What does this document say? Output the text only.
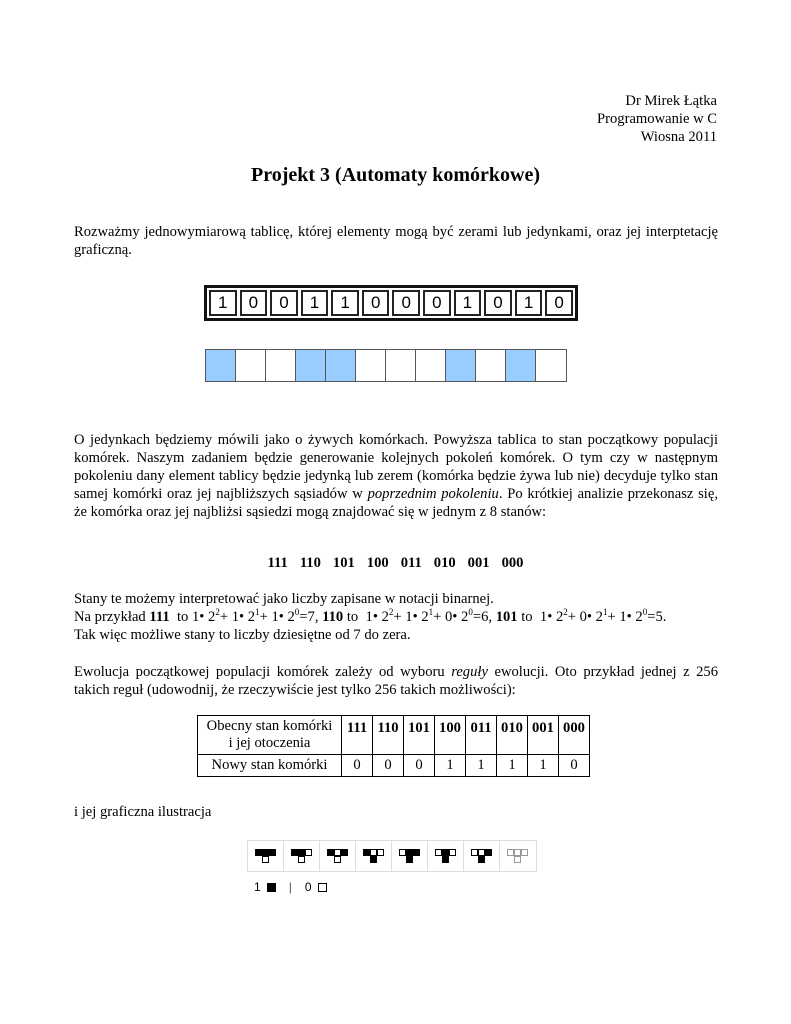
Dr Mirek Łątka
Programowanie w C
Wiosna 2011
Projekt 3 (Automaty komórkowe)

Rozważmy jednowymiarową tablicę, której elementy mogą być zerami lub jedynkami, oraz jej interptetację graficzną.

1	0	0	1	1	0	0	0	1	0	1	0

O jedynkach będziemy mówili jako o żywych komórkach. Powyższa tablica to stan początkowy populacji komórek. Naszym zadaniem będzie generowanie kolejnych pokoleń komórek. O tym czy w następnym pokoleniu dany element tablicy będzie jedynką lub zerem (komórka będzie żywa lub nie) decyduje tylko stan samej komórki oraz jej najbliższych sąsiadów w poprzednim pokoleniu. Po krótkiej analizie przekonasz się, że komórka oraz jej najbliżsi sąsiedzi mogą znajdować się w jednym z 8 stanów:

111 110 101 100 011 010 001 000

Stany te możemy interpretować jako liczby zapisane w notacji binarnej.

Na przykład 111 to 1• $2^2+$ 1• $2^1+$ 1• $2^0=7$, 110 to  1• $2^2+$ 1• $2^1+$ 0• $2^0=6$, 101 to  1• $2^2+$ 0• $2^1+$ 1• $2^0=5$.

Tak więc możliwe stany to liczby dziesiętne od 7 do zera.

Ewolucja początkowej populacji komórek zależy od wyboru reguły ewolucji. Oto przykład jednej z 256 takich reguł (udowodnij, że rzeczywiście jest tylko 256 takich możliwości):

Obecny stan komórki
i jej otoczenia	111	110	101	100	011	010	001	000
Nowy stan komórki	0	0	0	1	1	1	1	0

i jej graficzna ilustracja

1 | 0
